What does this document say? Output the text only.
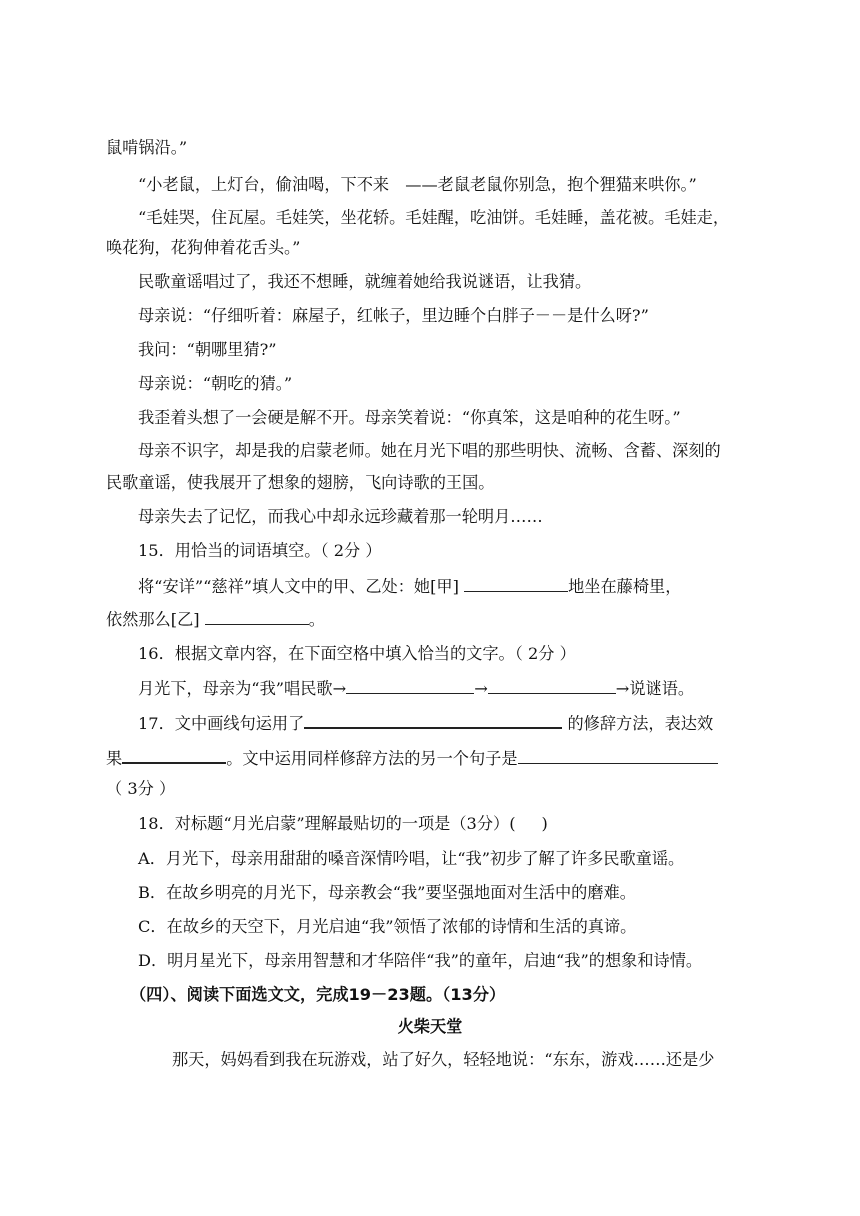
鼠啃锅沿。”
“小老鼠，上灯台，偷油喝，下不来　——老鼠老鼠你别急，抱个狸猫来哄你。”
“毛娃哭，住瓦屋。毛娃笑，坐花轿。毛娃醒，吃油饼。毛娃睡，盖花被。毛娃走，
唤花狗，花狗伸着花舌头。”
民歌童谣唱过了，我还不想睡，就缠着她给我说谜语，让我猜。
母亲说：“仔细听着：麻屋子，红帐子，里边睡个白胖子－－是什么呀?”
我问：“朝哪里猜?”
母亲说：“朝吃的猜。”
我歪着头想了一会硬是解不开。母亲笑着说：“你真笨，这是咱种的花生呀。”
母亲不识字，却是我的启蒙老师。她在月光下唱的那些明快、流畅、含蓄、深刻的
民歌童谣，使我展开了想象的翅膀，飞向诗歌的王国。
母亲失去了记忆，而我心中却永远珍藏着那一轮明月……
15．用恰当的词语填空。（ 2分 ）
将“安详”“慈祥”填人文中的甲、乙处：她[甲]	地坐在藤椅里，
依然那么[乙]	。
16．根据文章内容，在下面空格中填入恰当的文字。（ 2分 ）
月光下，母亲为“我”唱民歌→	→	→说谜语。
17．文中画线句运用了	的修辞方法，表达效
果	。文中运用同样修辞方法的另一个句子是
（ 3分 ）
18．对标题“月光启蒙”理解最贴切的一项是（3分）( )
A．月光下，母亲用甜甜的嗓音深情吟唱，让“我”初步了解了许多民歌童谣。
B．在故乡明亮的月光下，母亲教会“我”要坚强地面对生活中的磨难。
C．在故乡的天空下，月光启迪“我”领悟了浓郁的诗情和生活的真谛。
D．明月星光下，母亲用智慧和才华陪伴“我”的童年，启迪“我”的想象和诗情。
（四）、阅读下面选文文，完成19－23题。（13分）
火柴天堂
那天，妈妈看到我在玩游戏，站了好久，轻轻地说：“东东，游戏……还是少
